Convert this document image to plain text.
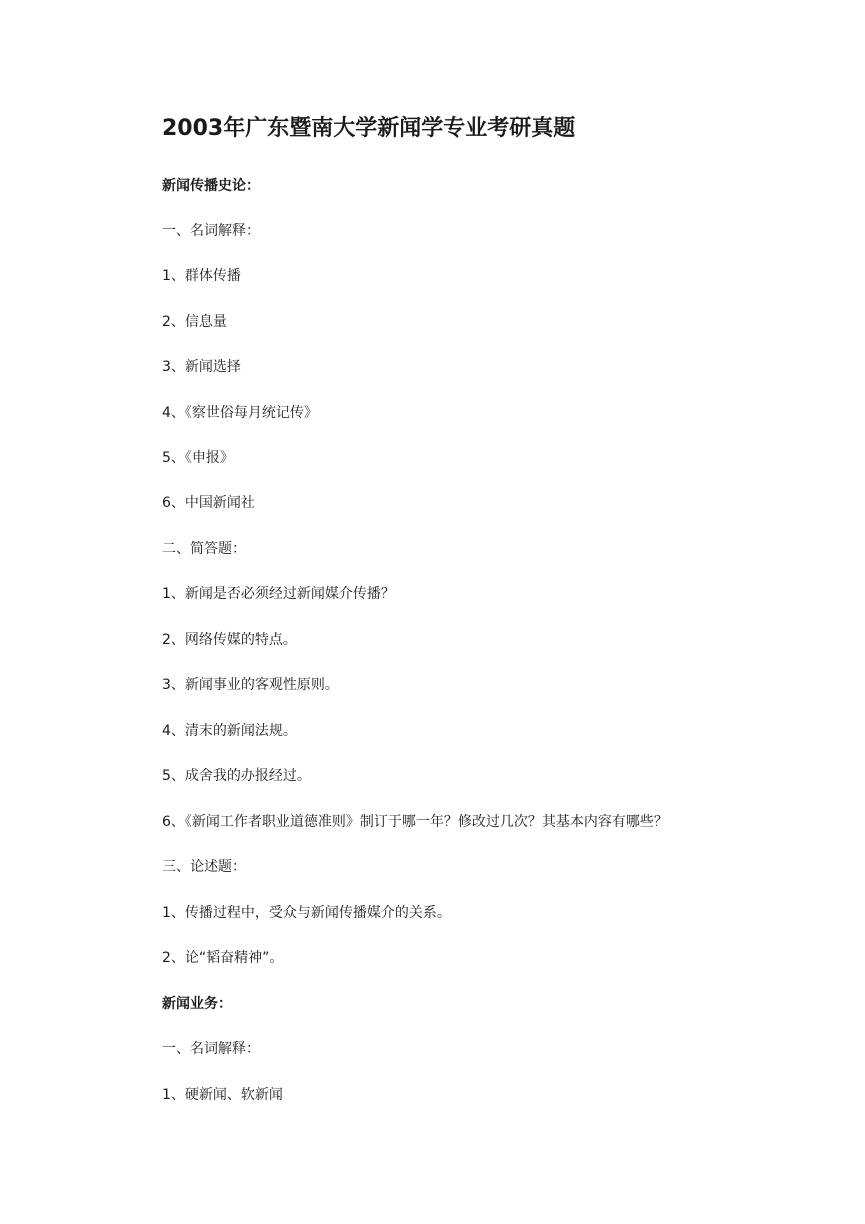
2003年广东暨南大学新闻学专业考研真题

新闻传播史论：

一、名词解释：

1、群体传播

2、信息量

3、新闻选择

4、《察世俗每月统记传》

5、《申报》

6、中国新闻社

二、简答题：

1、新闻是否必须经过新闻媒介传播？

2、网络传媒的特点。

3、新闻事业的客观性原则。

4、清末的新闻法规。

5、成舍我的办报经过。

6、《新闻工作者职业道德准则》制订于哪一年？修改过几次？其基本内容有哪些？

三、论述题：

1、传播过程中，受众与新闻传播媒介的关系。

2、论“韬奋精神”。

新闻业务：

一、名词解释：

1、硬新闻、软新闻
